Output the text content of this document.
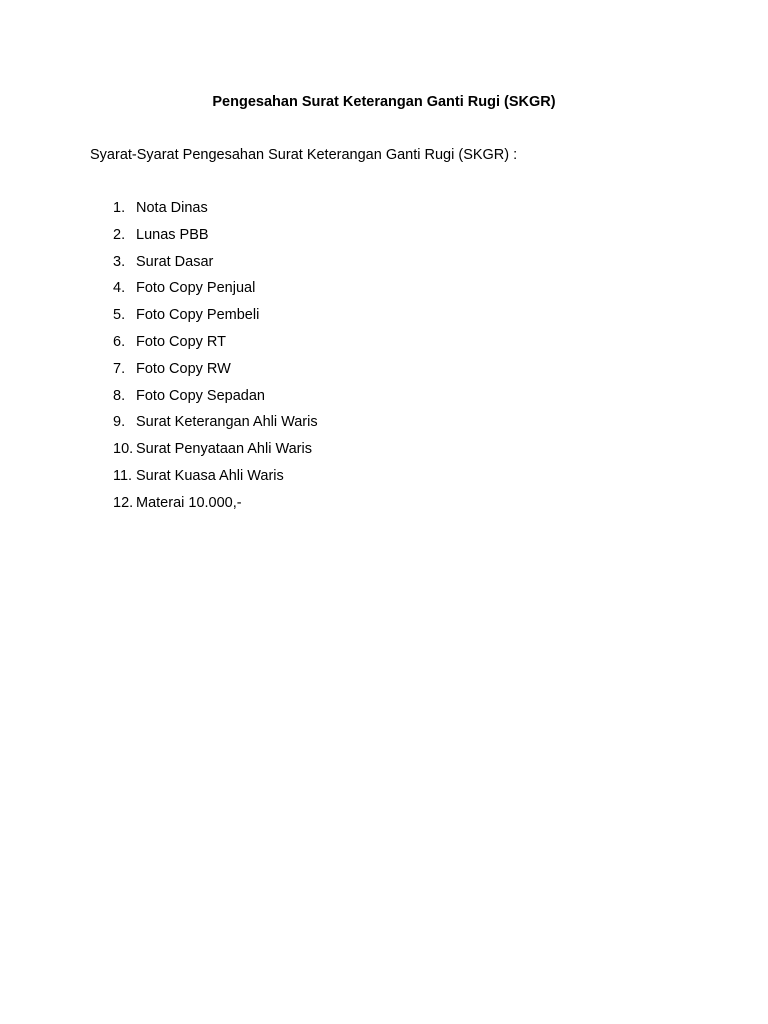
Pengesahan Surat Keterangan Ganti Rugi (SKGR)
Syarat-Syarat Pengesahan Surat Keterangan Ganti Rugi (SKGR) :
1. Nota Dinas
2. Lunas PBB
3. Surat Dasar
4. Foto Copy Penjual
5. Foto Copy Pembeli
6. Foto Copy RT
7. Foto Copy RW
8. Foto Copy Sepadan
9. Surat Keterangan Ahli Waris
10. Surat Penyataan Ahli Waris
11. Surat Kuasa Ahli Waris
12. Materai 10.000,-
